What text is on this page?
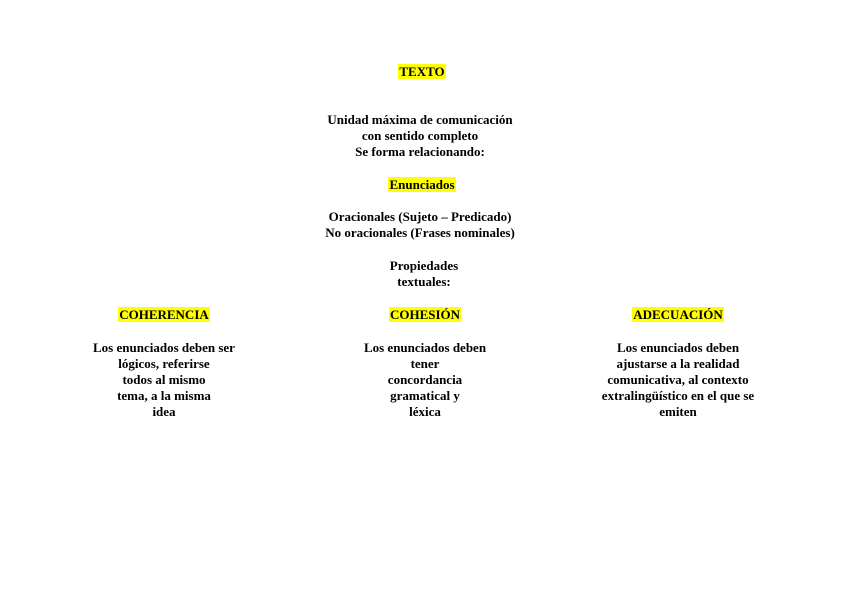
TEXTO
Unidad máxima de comunicación
con sentido completo
Se forma relacionando:
Enunciados
Oracionales (Sujeto – Predicado)
No oracionales (Frases nominales)
Propiedades
textuales:
COHERENCIA
Los enunciados deben ser
lógicos, referirse
todos al mismo
tema, a la misma
idea
COHESIÓN
Los enunciados deben
tener
concordancia
gramatical y
léxica
ADECUACIÓN
Los enunciados deben
ajustarse a la realidad
comunicativa, al contexto
extralingüístico en el que se
emiten
